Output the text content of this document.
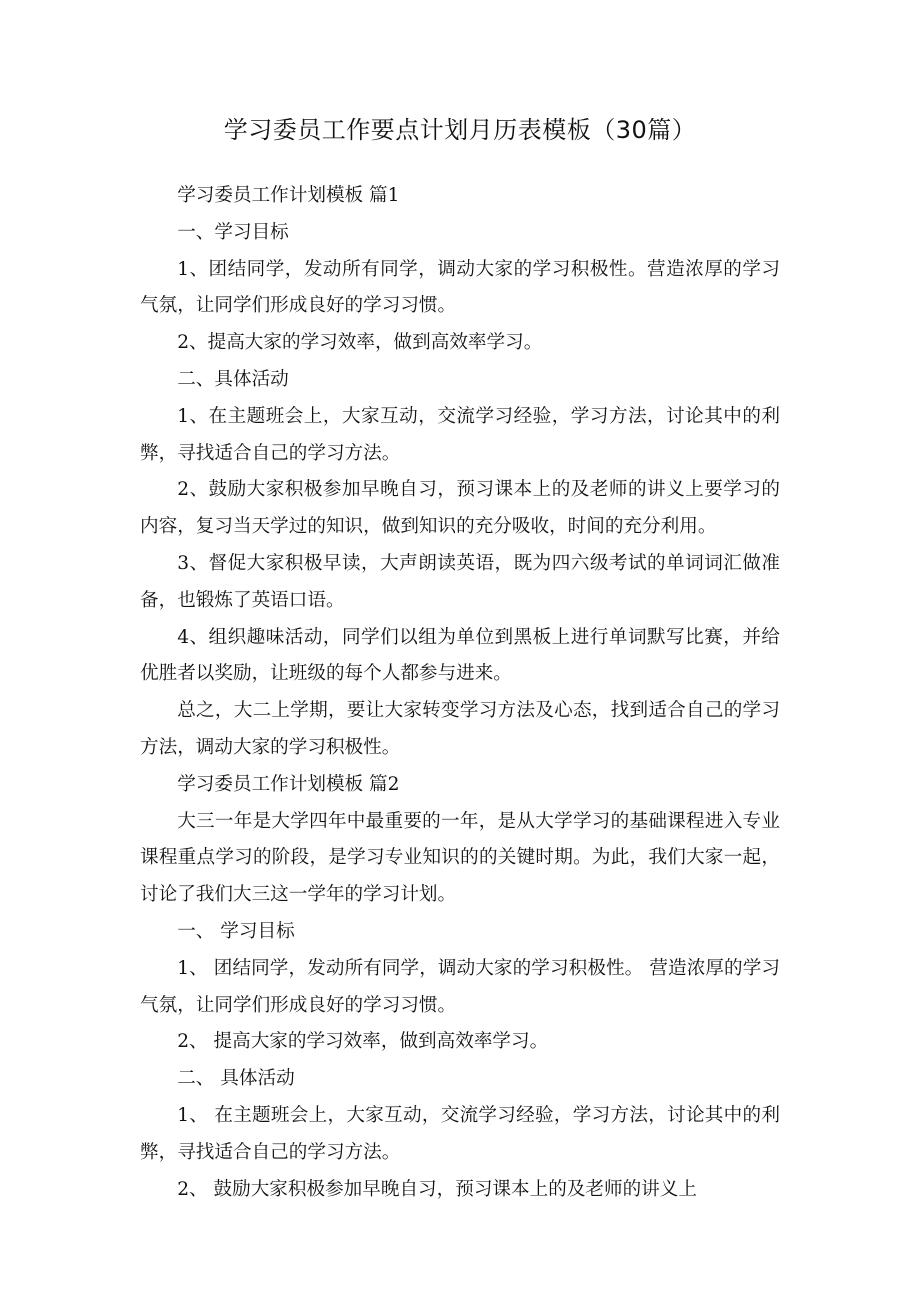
学习委员工作要点计划月历表模板（30篇）

学习委员工作计划模板 篇1

一、学习目标

1、团结同学，发动所有同学，调动大家的学习积极性。营造浓厚的学习气氛，让同学们形成良好的学习习惯。

2、提高大家的学习效率，做到高效率学习。

二、具体活动

1、在主题班会上，大家互动，交流学习经验，学习方法，讨论其中的利弊，寻找适合自己的学习方法。

2、鼓励大家积极参加早晚自习，预习课本上的及老师的讲义上要学习的内容，复习当天学过的知识，做到知识的充分吸收，时间的充分利用。

3、督促大家积极早读，大声朗读英语，既为四六级考试的单词词汇做准备，也锻炼了英语口语。

4、组织趣味活动，同学们以组为单位到黑板上进行单词默写比赛，并给优胜者以奖励，让班级的每个人都参与进来。

总之，大二上学期，要让大家转变学习方法及心态，找到适合自己的学习方法，调动大家的学习积极性。

学习委员工作计划模板 篇2

大三一年是大学四年中最重要的一年，是从大学学习的基础课程进入专业课程重点学习的阶段，是学习专业知识的的关键时期。为此，我们大家一起，讨论了我们大三这一学年的学习计划。

一、 学习目标

1、 团结同学，发动所有同学，调动大家的学习积极性。 营造浓厚的学习气氛，让同学们形成良好的学习习惯。

2、 提高大家的学习效率，做到高效率学习。

二、 具体活动

1、 在主题班会上，大家互动，交流学习经验，学习方法，讨论其中的利弊，寻找适合自己的学习方法。

2、 鼓励大家积极参加早晚自习，预习课本上的及老师的讲义上
